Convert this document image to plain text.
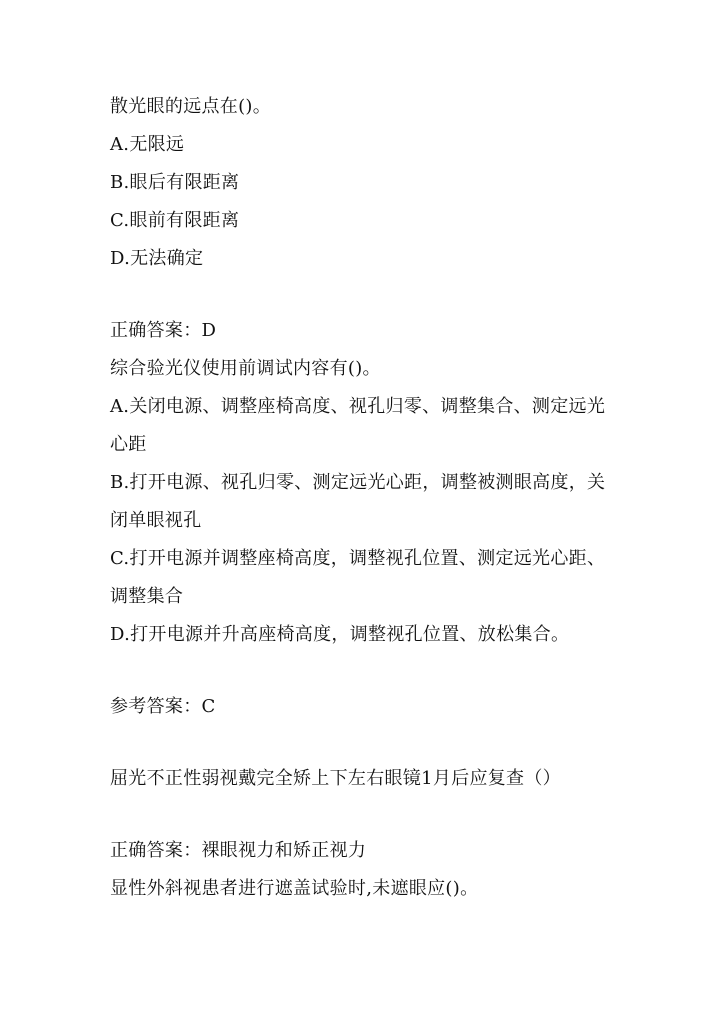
散光眼的远点在()。
A.无限远
B.眼后有限距离
C.眼前有限距离
D.无法确定
正确答案：D
综合验光仪使用前调试内容有()。
A.关闭电源、调整座椅高度、视孔归零、调整集合、测定远光心距
B.打开电源、视孔归零、测定远光心距，调整被测眼高度，关闭单眼视孔
C.打开电源并调整座椅高度，调整视孔位置、测定远光心距、调整集合
D.打开电源并升高座椅高度，调整视孔位置、放松集合。
参考答案：C
屈光不正性弱视戴完全矫上下左右眼镜1月后应复查（）
正确答案：裸眼视力和矫正视力
显性外斜视患者进行遮盖试验时,未遮眼应()。
